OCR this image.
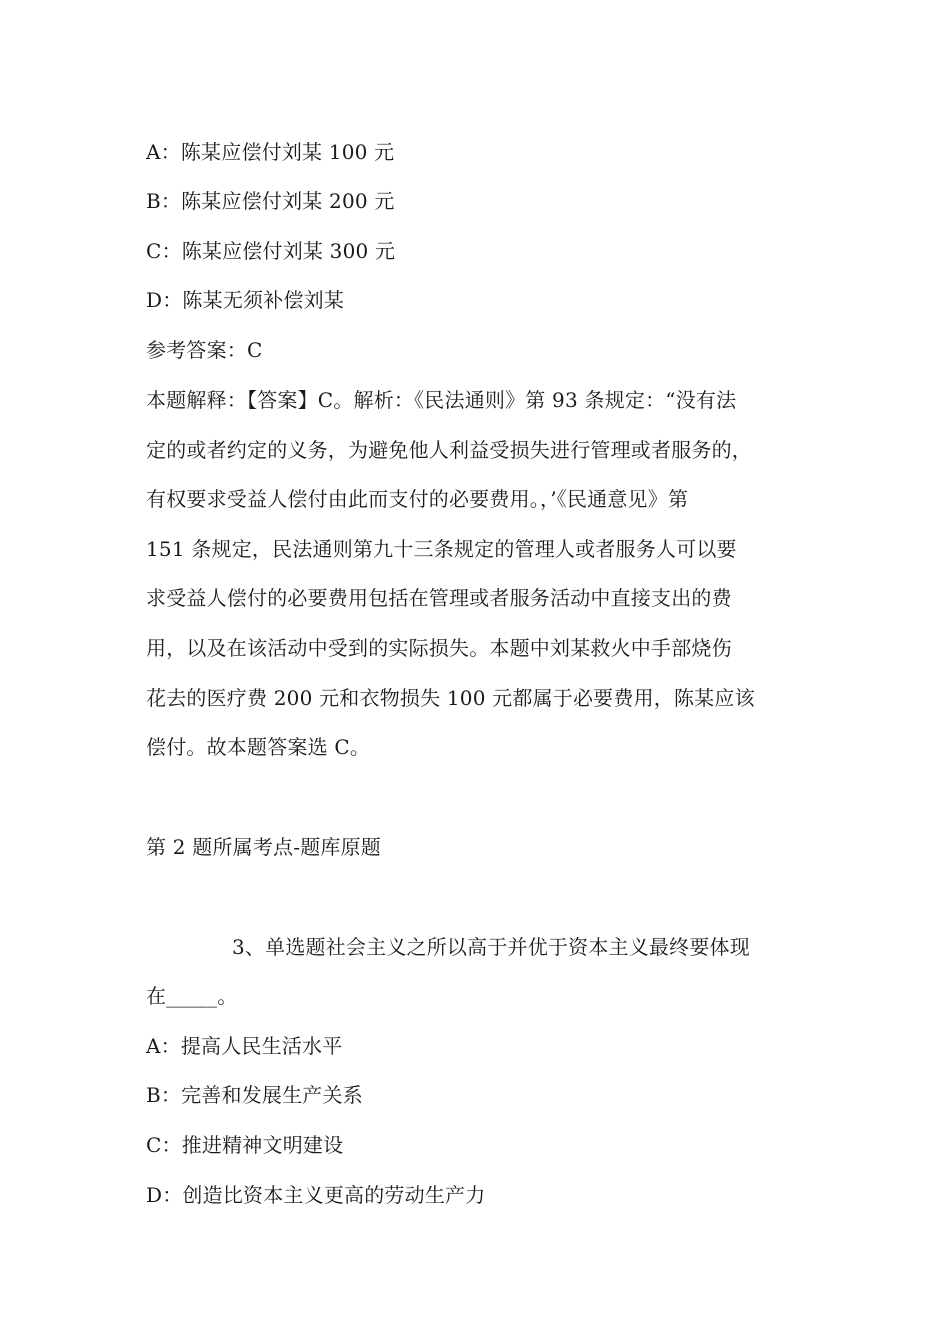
A：陈某应偿付刘某 100 元
B：陈某应偿付刘某 200 元
C：陈某应偿付刘某 300 元
D：陈某无须补偿刘某
参考答案：C
本题解释：【答案】C。解析：《民法通则》第 93 条规定：“没有法
定的或者约定的义务，为避免他人利益受损失进行管理或者服务的，
有权要求受益人偿付由此而支付的必要费用。，’《民通意见》第
151 条规定，民法通则第九十三条规定的管理人或者服务人可以要
求受益人偿付的必要费用包括在管理或者服务活动中直接支出的费
用，以及在该活动中受到的实际损失。本题中刘某救火中手部烧伤
花去的医疗费 200 元和衣物损失 100 元都属于必要费用，陈某应该
偿付。故本题答案选 C。
第 2 题所属考点-题库原题
3、单选题社会主义之所以高于并优于资本主义最终要体现
在_____。
A：提高人民生活水平
B：完善和发展生产关系
C：推进精神文明建设
D：创造比资本主义更高的劳动生产力
